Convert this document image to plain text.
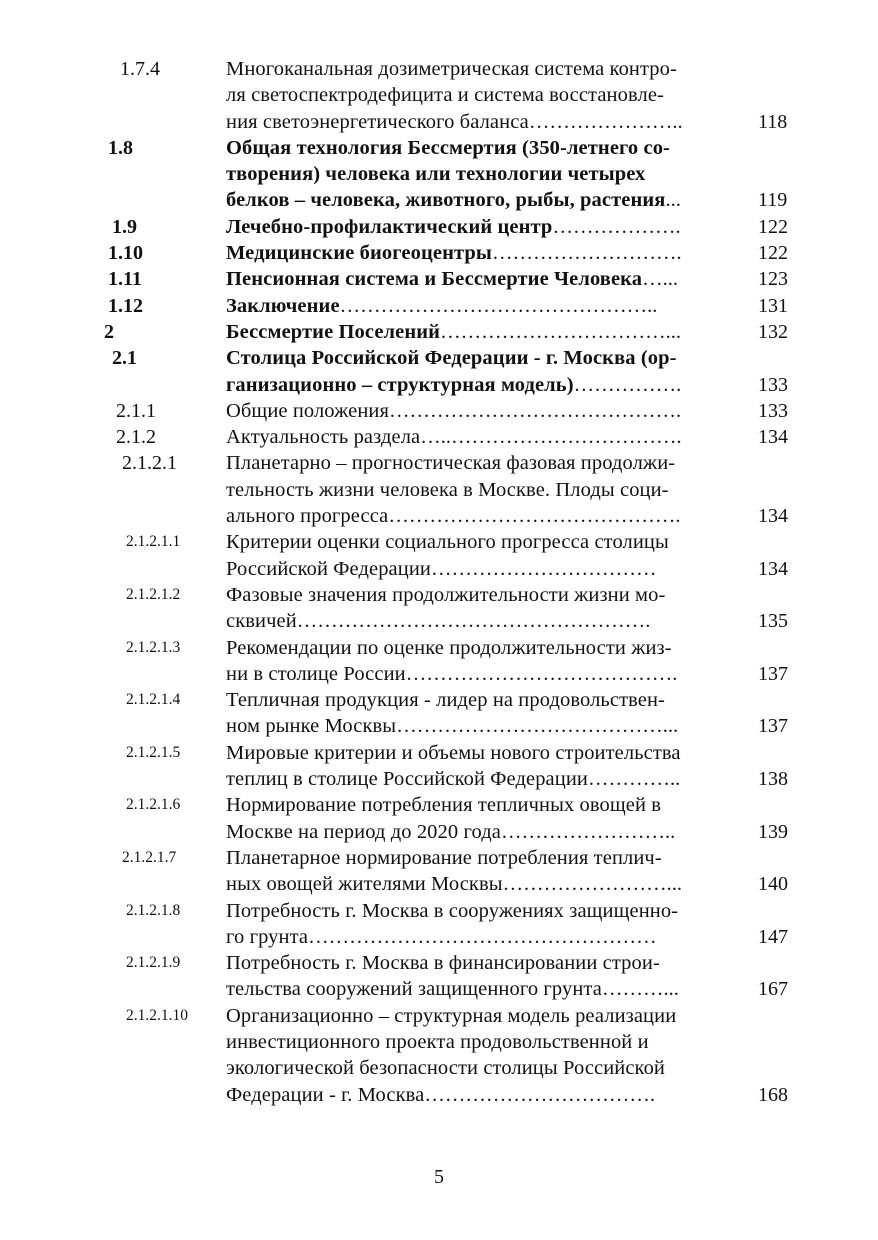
1.7.4	Многоканальная дозиметрическая система контро-
ля светоспектродефицита и система восстановле-
ния светоэнергетического баланса…………………..	118
1.8	Общая технология Бессмертия (350-летнего со-
творения) человека или технологии четырех
белков – человека, животного, рыбы, растения...	119
1.9	Лечебно-профилактический центр……………….	122
1.10	Медицинские биогеоцентры……………………….	122
1.11	Пенсионная система и Бессмертие Человека…...	123
1.12	Заключение………………………………………..	131
2	Бессмертие Поселений……………………………...	132
2.1	Столица Российской Федерации - г. Москва (ор-
ганизационно – структурная модель)…………….	133
2.1.1	Общие положения…………………………………….	133
2.1.2	Актуальность раздела…..…………………………….	134
2.1.2.1 Планетарно – прогностическая фазовая продолжи-
тельность жизни человека в Москве. Плоды соци-
ального прогресса…………………………………….	134
2.1.2.1.1 Критерии оценки социального прогресса столицы
Российской Федерации……………………………	134
2.1.2.1.2 Фазовые значения продолжительности жизни мо-
сквичей…………………………………………….	135
2.1.2.1.3 Рекомендации по оценке продолжительности жиз-
ни в столице России………………………………….	137
2.1.2.1.4 Тепличная продукция - лидер на продовольствен-
ном рынке Москвы…………………………………...	137
2.1.2.1.5 Мировые критерии и объемы нового строительства
теплиц в столице Российской Федерации…………..	138
2.1.2.1.6 Нормирование потребления тепличных овощей в
Москве на период до 2020 года……………………..	139
2.1.2.1.7 Планетарное нормирование потребления теплич-
ных овощей жителями Москвы……………………...	140
2.1.2.1.8 Потребность г. Москва в сооружениях защищенно-
го грунта……………………………………………	147
2.1.2.1.9 Потребность г. Москва в финансировании строи-
тельства сооружений защищенного грунта………...	167
2.1.2.1.10 Организационно – структурная модель реализации
инвестиционного проекта продовольственной и
экологической безопасности столицы Российской
Федерации - г. Москва…………………………….	168
5
